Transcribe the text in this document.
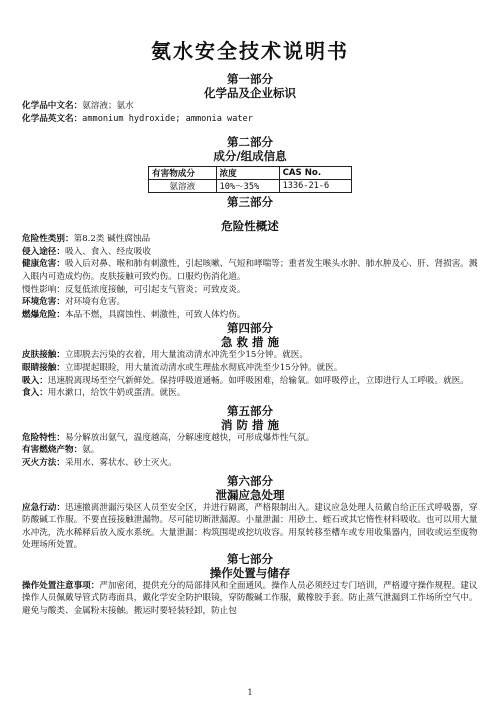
氨水安全技术说明书
第一部分
化学品及企业标识
化学品中文名：氨溶液；氨水
化学品英文名：ammonium hydroxide; ammonia water
第二部分
成分/组成信息
有害物成分	浓度	CAS No.
氨溶液	10%～35%	1336-21-6
第三部分
危险性概述
危险性类别：第8.2类 碱性腐蚀品
侵入途径：吸入、食入、经皮吸收
健康危害：吸入后对鼻、喉和肺有刺激性，引起咳嗽、气短和哮喘等；重者发生喉头水肿、肺水肿及心、肝、肾损害。溅入眼内可造成灼伤。皮肤接触可致灼伤。口服灼伤消化道。
慢性影响：反复低浓度接触，可引起支气管炎；可致皮炎。
环境危害：对环境有危害。
燃爆危险：本品不燃，具腐蚀性、刺激性，可致人体灼伤。
第四部分
急 救 措 施
皮肤接触：立即脱去污染的衣着，用大量流动清水冲洗至少15分钟。就医。
眼睛接触：立即提起眼睑，用大量流动清水或生理盐水彻底冲洗至少15分钟。就医。
吸入：迅速脱离现场至空气新鲜处。保持呼吸道通畅。如呼吸困难，给输氧。如呼吸停止，立即进行人工呼吸。就医。
食入：用水漱口，给饮牛奶或蛋清。就医。
第五部分
消 防 措 施
危险特性：易分解放出氨气，温度越高，分解速度越快，可形成爆炸性气氛。
有害燃烧产物：氨。
灭火方法：采用水、雾状水、砂土灭火。
第六部分
泄漏应急处理
应急行动：迅速撤离泄漏污染区人员至安全区，并进行隔离，严格限制出入。建议应急处理人员戴自给正压式呼吸器，穿防酸碱工作服。不要直接接触泄漏物。尽可能切断泄漏源。小量泄漏：用砂土、蛭石或其它惰性材料吸收。也可以用大量水冲洗，洗水稀释后放入废水系统。大量泄漏：构筑围堤或挖坑收容。用泵转移至槽车或专用收集器内，回收或运至废物处理场所处置。
第七部分
操作处置与储存
操作处置注意事项：严加密闭，提供充分的局部排风和全面通风。操作人员必须经过专门培训，严格遵守操作规程。建议操作人员佩戴导管式防毒面具，戴化学安全防护眼镜，穿防酸碱工作服，戴橡胶手套。防止蒸气泄漏到工作场所空气中。避免与酸类、金属粉末接触。搬运时要轻装轻卸，防止包
1
